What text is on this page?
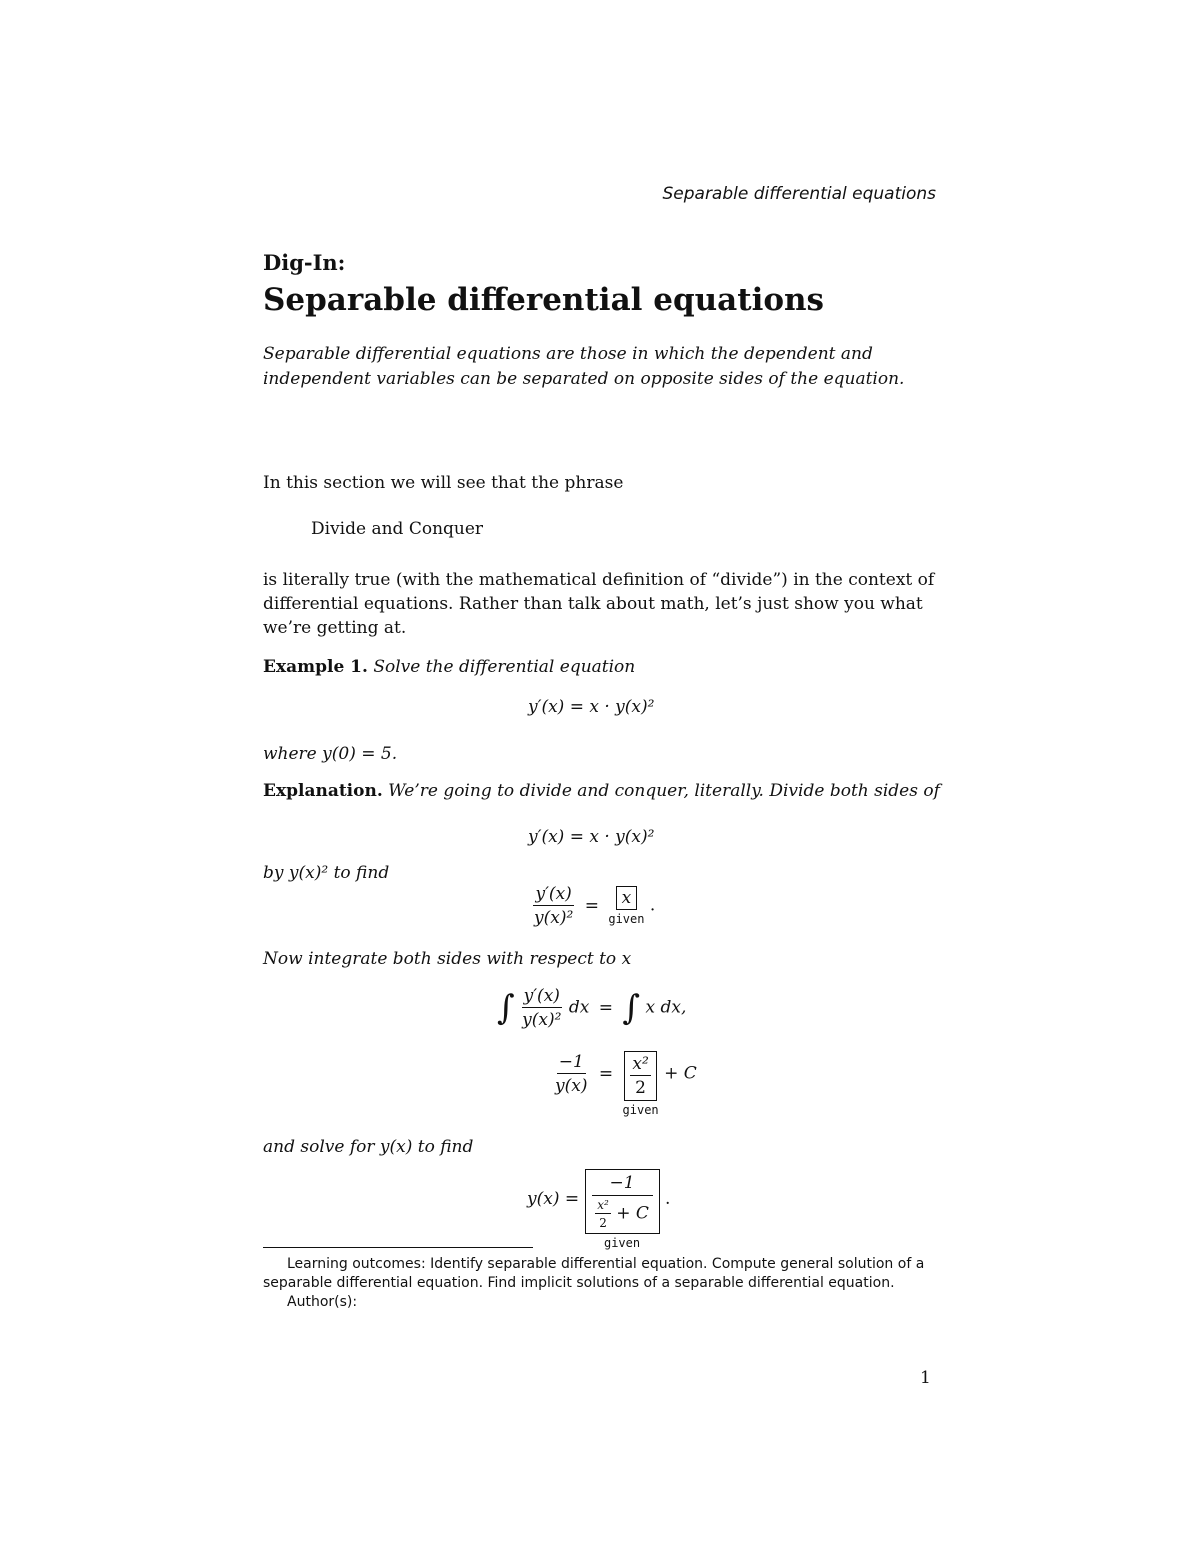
Separable differential equations
Dig-In:
Separable differential equations
Separable differential equations are those in which the dependent and independent variables can be separated on opposite sides of the equation.
In this section we will see that the phrase
Divide and Conquer
is literally true (with the mathematical definition of “divide”) in the context of differential equations. Rather than talk about math, let’s just show you what we’re getting at.
Example 1. Solve the differential equation
y′(x) = x · y(x)²
where y(0) = 5.
Explanation. We’re going to divide and conquer, literally. Divide both sides of
y′(x) = x · y(x)²
by y(x)² to find
$\frac{y'(x)}{\text{y(x)²}} = x$
given
.
Now integrate both sides with respect to x
∫ $\frac{y'(x)}{\text{y(x)²}}$ dx = ∫ x dx,
$\frac{-1}{y(x)} = \frac{\text{x²}}{2}$
given
+ C
and solve for y(x) to find
$y(x) = \frac{-1}{\frac{\text{x²}}{2} + C}$
given
.
Learning outcomes: Identify separable differential equation. Compute general solution of a separable differential equation. Find implicit solutions of a separable differential equation.
Author(s):
1
